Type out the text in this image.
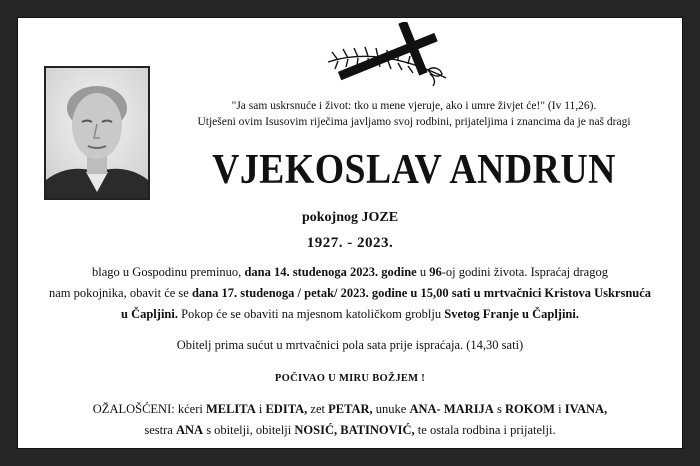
"Ja sam uskrsnuće i život: tko u mene vjeruje, ako i umre živjet će!" (Iv 11,26).
Utješeni ovim Isusovim riječima javljamo svoj rodbini, prijateljima i znancima da je naš dragi
VJEKOSLAV ANDRUN
pokojnog JOZE
1927. - 2023.
blago u Gospodinu preminuo, dana 14. studenoga 2023. godine u 96-oj godini života. Ispraćaj dragog
nam pokojnika, obavit će se dana 17. studenoga / petak/ 2023. godine u 15,00 sati u mrtvačnici Kristova Uskrsnuća
u Čapljini. Pokop će se obaviti na mjesnom katoličkom groblju Svetog Franje u Čapljini.
Obitelj prima sućut u mrtvačnici pola sata prije ispraćaja. (14,30 sati)
POČIVAO U MIRU BOŽJEM !
OŽALOŠĆENI: kćeri MELITA i EDITA, zet PETAR, unuke ANA- MARIJA s ROKOM i IVANA,
sestra ANA s obitelji, obitelji NOSIĆ, BATINOVIĆ, te ostala rodbina i prijatelji.
